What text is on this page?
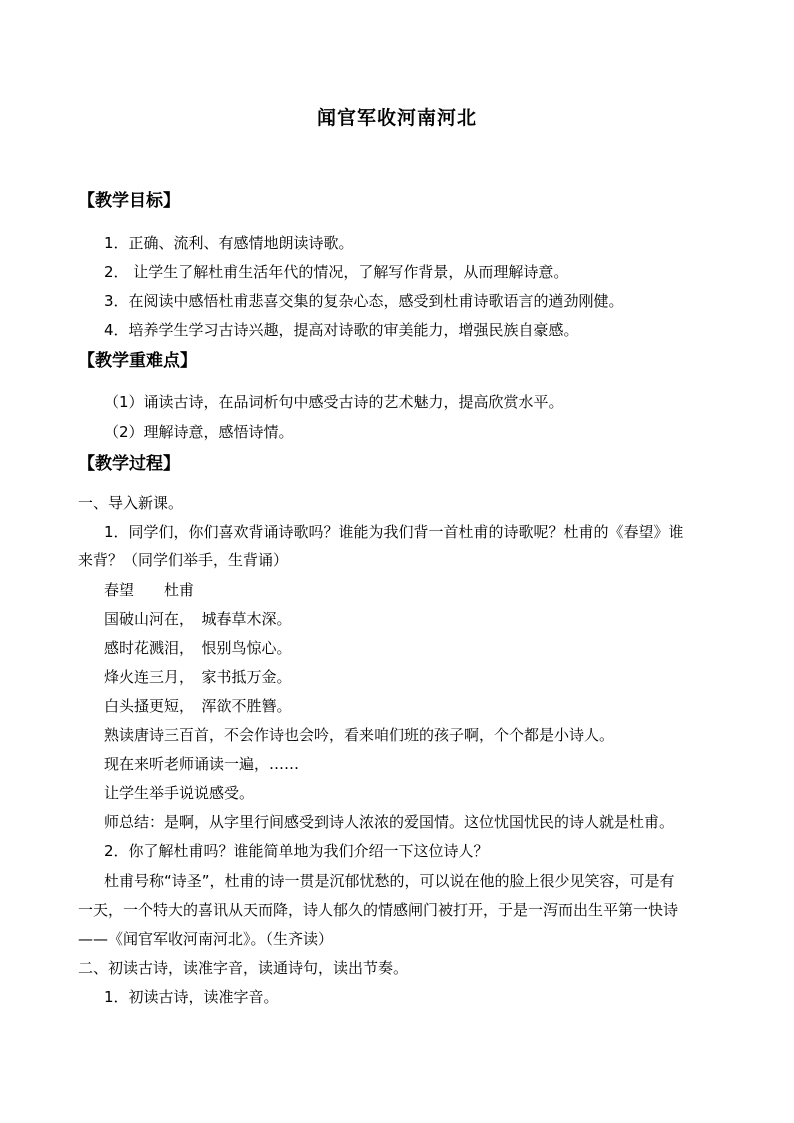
闻官军收河南河北
【教学目标】
1．正确、流利、有感情地朗读诗歌。
2． 让学生了解杜甫生活年代的情况，了解写作背景，从而理解诗意。
3．在阅读中感悟杜甫悲喜交集的复杂心态，感受到杜甫诗歌语言的遒劲刚健。
4．培养学生学习古诗兴趣，提高对诗歌的审美能力，增强民族自豪感。
【教学重难点】
（1）诵读古诗，在品词析句中感受古诗的艺术魅力，提高欣赏水平。
（2）理解诗意，感悟诗情。
【教学过程】
一、导入新课。
1．同学们，你们喜欢背诵诗歌吗？谁能为我们背一首杜甫的诗歌呢？杜甫的《春望》谁
来背？（同学们举手，生背诵）
春望　　杜甫
国破山河在，　城春草木深。
感时花溅泪，　恨别鸟惊心。
烽火连三月，　家书抵万金。
白头搔更短，　浑欲不胜簪。
熟读唐诗三百首，不会作诗也会吟，看来咱们班的孩子啊，个个都是小诗人。
现在来听老师诵读一遍，……
让学生举手说说感受。
师总结：是啊，从字里行间感受到诗人浓浓的爱国情。这位忧国忧民的诗人就是杜甫。
2．你了解杜甫吗？谁能简单地为我们介绍一下这位诗人？
杜甫号称“诗圣”，杜甫的诗一贯是沉郁忧愁的，可以说在他的脸上很少见笑容，可是有
一天，一个特大的喜讯从天而降，诗人郁久的情感闸门被打开，于是一泻而出生平第一快诗
——《闻官军收河南河北》。（生齐读）
二、初读古诗，读准字音，读通诗句，读出节奏。
1．初读古诗，读准字音。
